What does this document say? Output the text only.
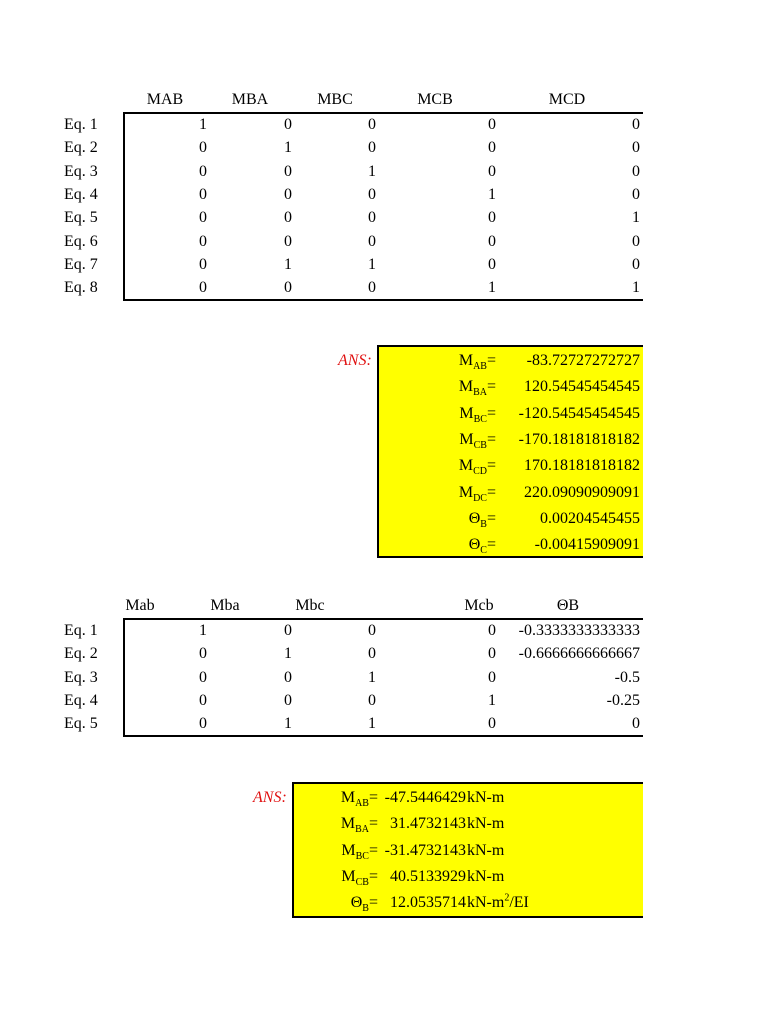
MAB	MBA	MBC	MCB	MCD
Eq. 1	1	0	0	0	0
Eq. 2	0	1	0	0	0
Eq. 3	0	0	1	0	0
Eq. 4	0	0	0	1	0
Eq. 5	0	0	0	0	1
Eq. 6	0	0	0	0	0
Eq. 7	0	1	1	0	0
Eq. 8	0	0	0	1	1
ANS:	$M_{AB}= -83.72727272727$
$M_{BA}= 120.54545454545$
$M_{BC}= -120.54545454545$
$M_{CB}= -170.18181818182$
$M_{CD}= 170.18181818182$
$M_{DC}= 220.09090909091$
$\Theta_B=$	0.00204545455
$\Theta_C= -0.00415909091$
Mab	Mba	Mbc	Mcb	ΘB
Eq. 1	1	0	0	0 -0.3333333333333
Eq. 2	0	1	0	0 -0.6666666666667
Eq. 3	0	0	1	0	-0.5
Eq. 4	0	0	0	1	-0.25
Eq. 5	0	1	1	0	0
ANS:	$M_{AB}= -47.5446429$ kN-m
$M_{BA}= 31.4732143$ kN-m
$M_{BC}= -31.4732143$ kN-m
$M_{CB}= 40.5133929$ kN-m
$\Theta_B= 12.0535714$ $kN-m^2/EI$
